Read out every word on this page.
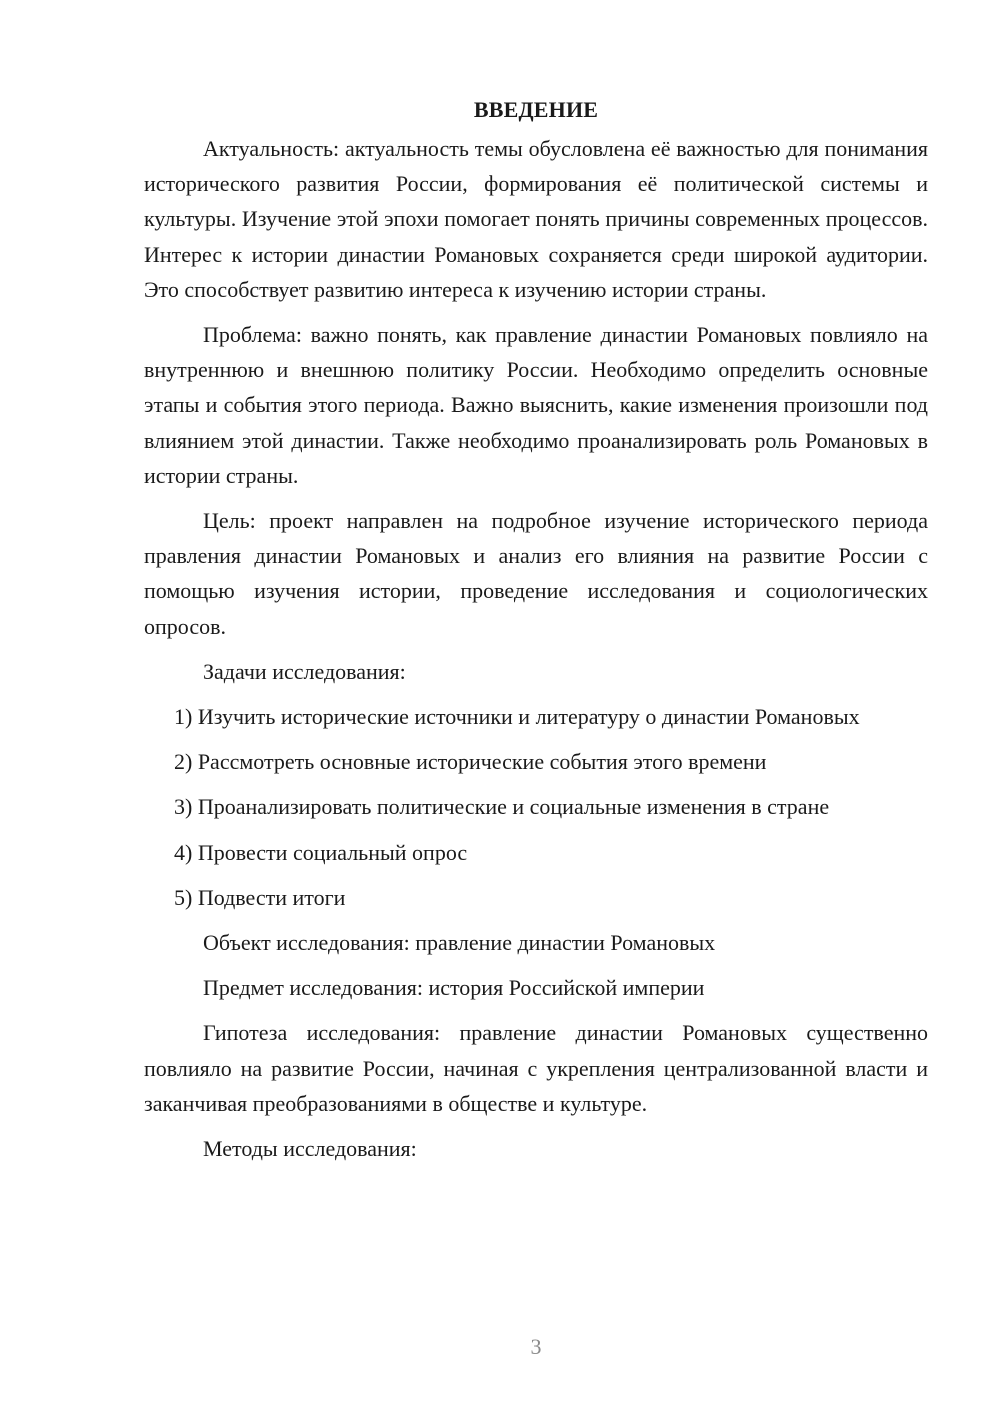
ВВЕДЕНИЕ

Актуальность: актуальность темы обусловлена её важностью для понимания исторического развития России, формирования её политической системы и культуры. Изучение этой эпохи помогает понять причины современных процессов. Интерес к истории династии Романовых сохраняется среди широкой аудитории. Это способствует развитию интереса к изучению истории страны.

Проблема: важно понять, как правление династии Романовых повлияло на внутреннюю и внешнюю политику России. Необходимо определить основные этапы и события этого периода. Важно выяснить, какие изменения произошли под влиянием этой династии. Также необходимо проанализировать роль Романовых в истории страны.

Цель: проект направлен на подробное изучение исторического периода правления династии Романовых и анализ его влияния на развитие России с помощью изучения истории, проведение исследования и социологических опросов.

Задачи исследования:

1) Изучить исторические источники и литературу о династии Романовых

2) Рассмотреть основные исторические события этого времени

3) Проанализировать политические и социальные изменения в стране

4) Провести социальный опрос

5) Подвести итоги

Объект исследования: правление династии Романовых

Предмет исследования: история Российской империи

Гипотеза исследования: правление династии Романовых существенно повлияло на развитие России, начиная с укрепления централизованной власти и заканчивая преобразованиями в обществе и культуре.

Методы исследования:

3
